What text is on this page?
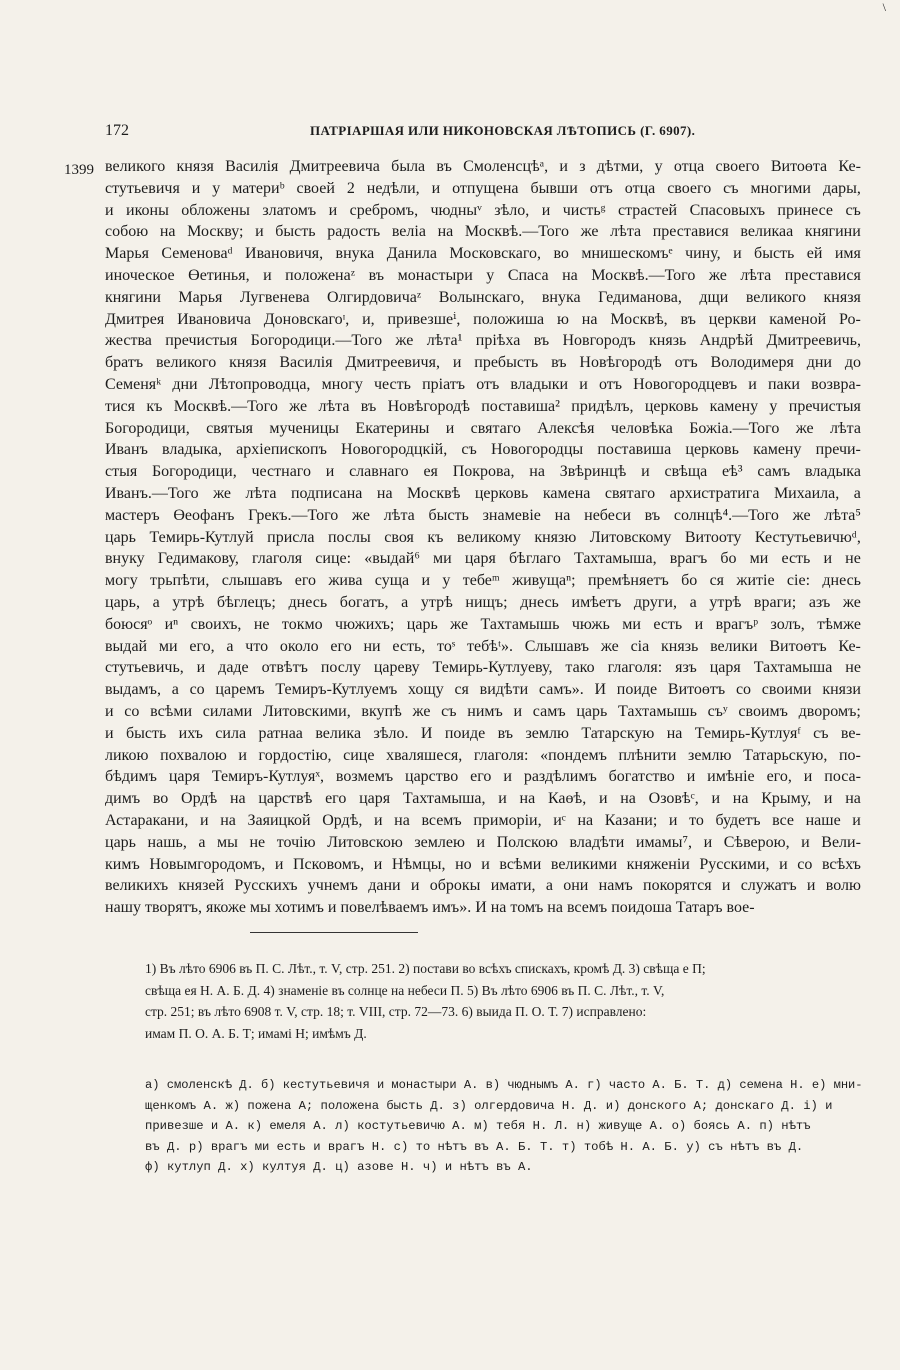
\
172	ПАТРІАРШАЯ ИЛИ НИКОНОВСКАЯ ЛѢТОПИСЬ (Г. 6907).
1399 великого князя Василія Дмитреевича была въ Смоленсцѣᵃ, и з дѣтми, у отца своего Витоөта Ке-
стутьевичя и у материᵇ своей 2 недѣли, и отпущена бывши отъ отца своего съ многими дары,
и иконы обложены златомъ и сребромъ, чюдныᵛ зѣло, и чистьᵍ страстей Спасовыхъ принесе съ
собою на Москву; и бысть радость веліа на Москвѣ.—Того же лѣта преставися великаа княгини
Марья Семеноваᵈ Ивановичя, внука Данила Московскаго, во мнишескомъᵉ чину, и бысть ей имя
иноческое Өетинья, и положенаᶻ въ монастыри у Спаса на Москвѣ.—Того же лѣта преставися
княгини Марья Лугвенева Олгирдовичаᶻ Волынскаго, внука Гедиманова, дщи великого князя
Дмитрея Ивановича Доновскагоᶦ, и, привезшеⁱ, положиша ю на Москвѣ, въ церкви каменой Ро-
жества пречистыя Богородици.—Того же лѣта¹ пріѣха въ Новгородъ князь Андрѣй Дмитреевичь,
братъ великого князя Василія Дмитреевичя, и пребысть въ Новѣгородѣ отъ Володимеря дни до
Семеняᵏ дни Лѣтопроводца, многу честь пріатъ отъ владыки и отъ Новогородцевъ и паки возвра-
тися къ Москвѣ.—Того же лѣта въ Новѣгородѣ поставиша² придѣлъ, церковь камену у пречистыя
Богородици, святыя мученицы Екатерины и святаго Алексѣя человѣка Божіа.—Того же лѣта
Иванъ владыка, архіепископъ Новогородцкій, съ Новогородцы поставиша церковь камену пречи-
стыя Богородици, честнаго и славнаго ея Покрова, на Звѣринцѣ и свѣща еѣ³ самъ владыка
Иванъ.—Того же лѣта подписана на Москвѣ церковь камена святаго архистратига Михаила, а
мастеръ Өеофанъ Грекъ.—Того же лѣта бысть знамевіе на небеси въ солнцѣ⁴.—Того же лѣта⁵
царь Темирь-Кутлуй присла послы своя къ великому князю Литовскому Витооту Кестутьевичюᵈ,
внуку Гедимакову, глаголя сице: «выдай⁶ ми царя бѣглаго Тахтамыша, врагъ бо ми есть и не
могу трьпѣти, слышавъ его жива суща и у тебеᵐ живущаⁿ; премѣняетъ бо ся житіе сіе: днесь
царь, а утрѣ бѣглецъ; днесь богатъ, а утрѣ нищъ; днесь имѣетъ други, а утрѣ враги; азъ же
боюсяᵒ иⁿ своихъ, не токмо чюжихъ; царь же Тахтамышь чюжь ми есть и врагъᵖ золъ, тѣмже
выдай ми его, а что около его ни есть, тоˢ тебѣᵗ». Слышавъ же сіа князь велики Витоөтъ Ке-
стутьевичь, и даде отвѣтъ послу цареву Темирь-Кутлуеву, тако глаголя: язъ царя Тахтамыша не
выдамъ, а со царемъ Темиръ-Кутлуемъ хощу ся видѣти самъ». И поиде Витоөтъ со своими князи
и со всѣми силами Литовскими, вкупѣ же съ нимъ и самъ царь Тахтамышь съʸ своимъ дворомъ;
и бысть ихъ сила ратнаа велика зѣло. И поиде въ землю Татарскую на Темирь-Кутлуяᶠ съ ве-
ликою похвалою и гордостію, сице хваляшеся, глаголя: «пондемъ плѣнити землю Татарьскую, по-
бѣдимъ царя Темиръ-Кутлуяˣ, возмемъ царство его и раздѣлимъ богатство и имѣніе его, и поса-
димъ во Ордѣ на царствѣ его царя Тахтамыша, и на Каөѣ, и на Озовѣᶜ, и на Крыму, и на
Астаракани, и на Заяицкой Ордѣ, и на всемъ приморіи, иᶜ на Казани; и то будетъ все наше и
царь нашь, а мы не точію Литовскою землею и Полскою владѣти имамы⁷, и Сѣверою, и Вели-
кимъ Новымгородомъ, и Псковомъ, и Нѣмцы, но и всѣми великими княженіи Русскими, и со всѣхъ
великихъ князей Русскихъ учнемъ дани и оброкы имати, а они намъ покорятся и служатъ и волю
нашу творятъ, якоже мы хотимъ и повелѣваемъ имъ». И на томъ на всемъ поидоша Татаръ вое-
1) Въ лѣто 6906 въ П. С. Лѣт., т. V, стр. 251. 2) постави во всѣхъ спискахъ, кромѣ Д. 3) свѣща е П;
свѣща ея Н. А. Б. Д. 4) знаменіе въ солнце на небеси П. 5) Въ лѣто 6906 въ П. С. Лѣт., т. V,
стр. 251; въ лѣто 6908 т. V, стр. 18; т. VIII, стр. 72—73. 6) выида П. О. Т. 7) исправлено:
имам П. О. А. Б. Т; имамі Н; имѣмъ Д.
а) смоленскѣ Д. б) кестутьевичя и монастыри А. в) чюднымъ А. г) часто А. Б. Т. д) семена Н. е) мни-
щенкомъ А. ж) пожена А; положена бысть Д. з) олгердовича Н. Д. и) донского А; донскаго Д. і) и
привезше и А. к) емеля А. л) костутьевичю А. м) тебя Н. Л. н) живуще А. о) боясь А. п) нѣтъ
въ Д. р) врагъ ми есть и врагъ Н. с) то нѣтъ въ А. Б. Т. т) тобѣ Н. А. Б. у) съ нѣтъ въ Д.
ф) кутлуп Д. х) култуя Д. ц) азове Н. ч) и нѣтъ въ А.
